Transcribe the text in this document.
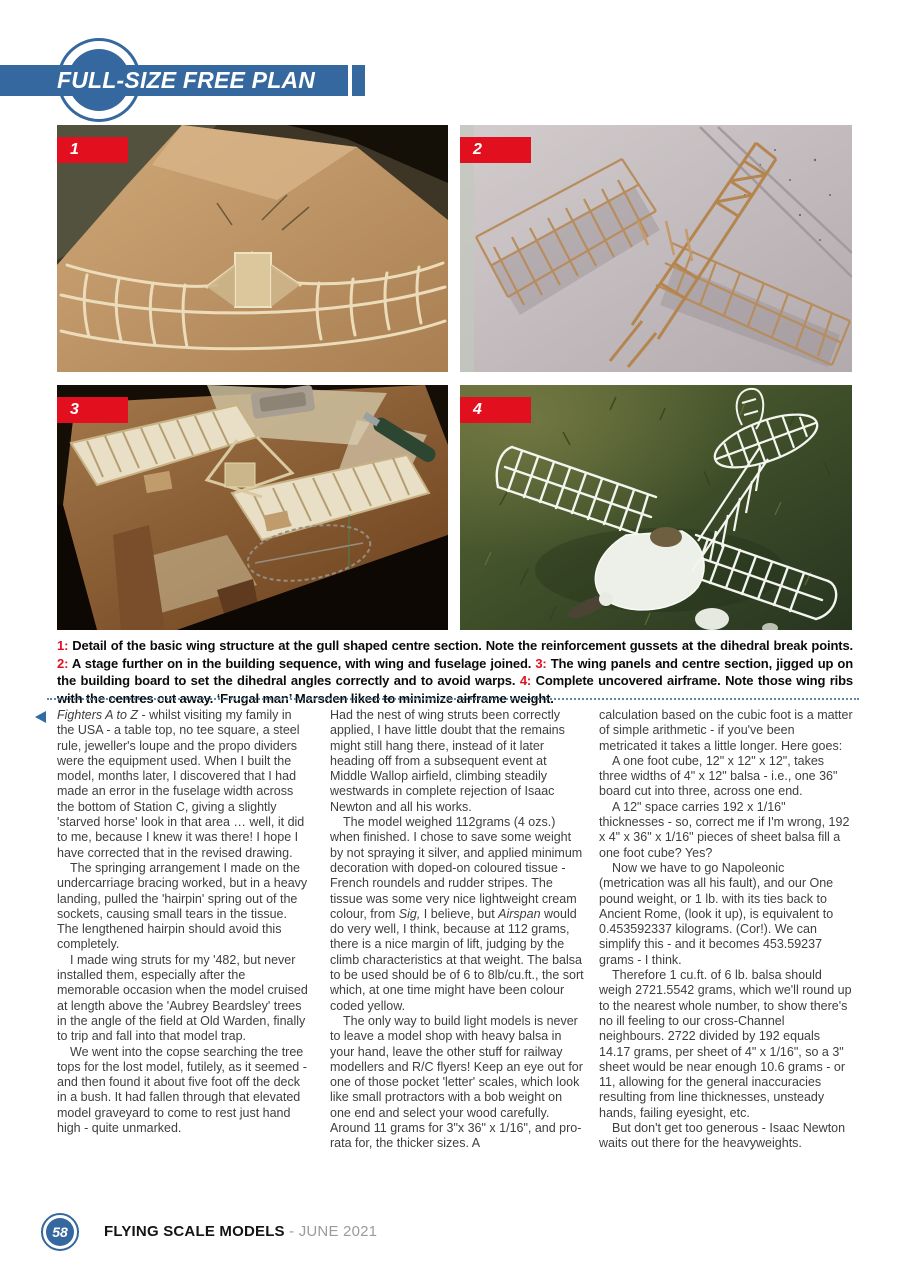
FULL-SIZE FREE PLAN
1	2
3	4

1: Detail of the basic wing structure at the gull shaped centre section. Note the reinforcement gussets at the dihedral break points. 2: A stage further on in the building sequence, with wing and fuselage joined. 3: The wing panels and centre section, jigged up on the building board to set the dihedral angles correctly and to avoid warps. 4: Complete uncovered airframe. Note those wing ribs with the centres cut away. ‘Frugal man’ Marsden liked to minimize airframe weight.

Fighters A to Z - whilst visiting my family in the USA - a table top, no tee square, a steel rule, jeweller's loupe and the propo dividers were the equipment used. When I built the model, months later, I discovered that I had made an error in the fuselage width across the bottom of Station C, giving a slightly 'starved horse' look in that area … well, it did to me, because I knew it was there! I hope I have corrected that in the revised drawing.

The springing arrangement I made on the undercarriage bracing worked, but in a heavy landing, pulled the 'hairpin' spring out of the sockets, causing small tears in the tissue. The lengthened hairpin should avoid this completely.

I made wing struts for my '482, but never installed them, especially after the memorable occasion when the model cruised at length above the 'Aubrey Beardsley' trees in the angle of the field at Old Warden, finally to trip and fall into that model trap.

We went into the copse searching the tree tops for the lost model, futilely, as it seemed - and then found it about five foot off the deck in a bush. It had fallen through that elevated model graveyard to come to rest just hand high - quite unmarked.

Had the nest of wing struts been correctly applied, I have little doubt that the remains might still hang there, instead of it later heading off from a subsequent event at Middle Wallop airfield, climbing steadily westwards in complete rejection of Isaac Newton and all his works.

The model weighed 112grams (4 ozs.) when finished. I chose to save some weight by not spraying it silver, and applied minimum decoration with doped-on coloured tissue - French roundels and rudder stripes. The tissue was some very nice lightweight cream colour, from Sig, I believe, but Airspan would do very well, I think, because at 112 grams, there is a nice margin of lift, judging by the climb characteristics at that weight. The balsa to be used should be of 6 to 8lb/cu.ft., the sort which, at one time might have been colour coded yellow.

The only way to build light models is never to leave a model shop with heavy balsa in your hand, leave the other stuff for railway modellers and R/C flyers! Keep an eye out for one of those pocket 'letter' scales, which look like small protractors with a bob weight on one end and select your wood carefully. Around 11 grams for 3"x 36" x 1/16", and pro-rata for, the thicker sizes. A

calculation based on the cubic foot is a matter of simple arithmetic - if you've been metricated it takes a little longer. Here goes:

A one foot cube, 12" x 12" x 12", takes three widths of 4" x 12" balsa - i.e., one 36" board cut into three, across one end.

A 12" space carries 192 x 1/16" thicknesses - so, correct me if I'm wrong, 192 x 4" x 36" x 1/16" pieces of sheet balsa fill a one foot cube? Yes?

Now we have to go Napoleonic (metrication was all his fault), and our One pound weight, or 1 lb. with its ties back to Ancient Rome, (look it up), is equivalent to 0.453592337 kilograms. (Cor!). We can simplify this - and it becomes 453.59237 grams - I think.

Therefore 1 cu.ft. of 6 lb. balsa should weigh 2721.5542 grams, which we'll round up to the nearest whole number, to show there's no ill feeling to our cross-Channel neighbours. 2722 divided by 192 equals 14.17 grams, per sheet of 4" x 1/16", so a 3" sheet would be near enough 10.6 grams - or 11, allowing for the general inaccuracies resulting from line thicknesses, unsteady hands, failing eyesight, etc.

But don't get too generous - Isaac Newton waits out there for the heavyweights.

58	FLYING SCALE MODELS - JUNE 2021
